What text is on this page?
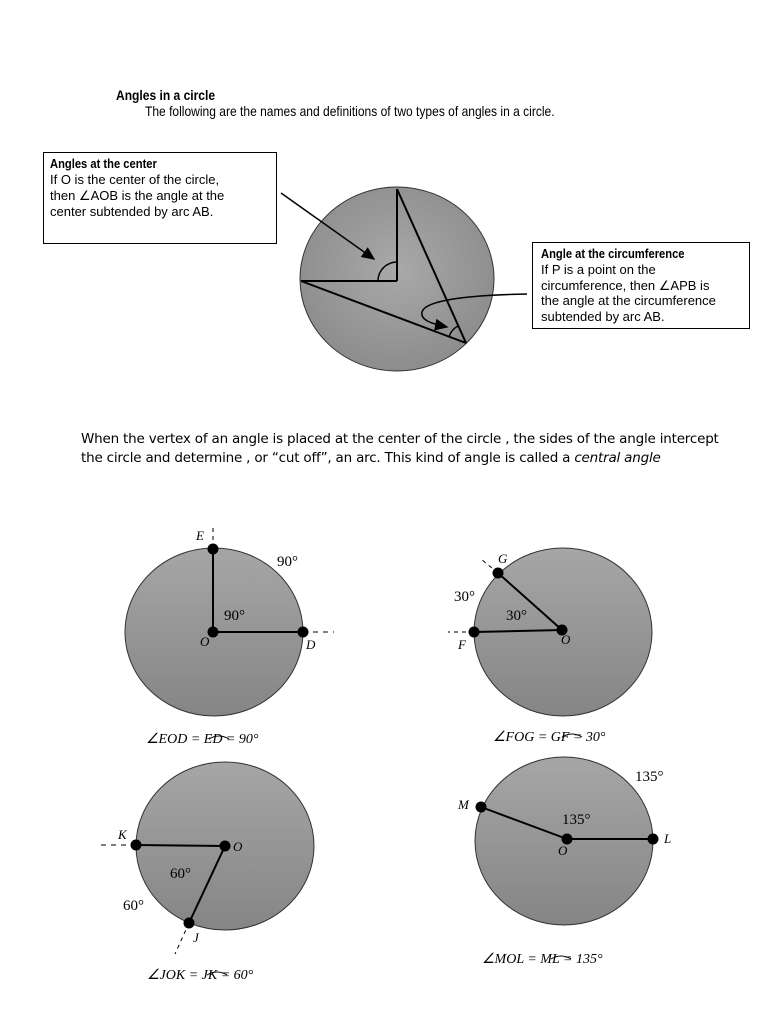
Angles in a circle
The following are the names and definitions of two types of angles in a circle.
Angles at the center
If O is the center of the circle,
then ∠AOB is the angle at the
center subtended by arc AB.
Angle at the circumference
If P is a point on the
circumference, then ∠APB is
the angle at the circumference
subtended by arc AB.
When the vertex of an angle is placed at the center of the circle , the sides of the angle intercept
the circle and determine , or “cut off”, an arc. This kind of angle is called a central angle
E
O	D
90°
90°
∠EOD = ED = 90°
G
O
F
30°
30°
∠FOG = GF = 30°
K
O
J
60°
60°
∠JOK = JK = 60°
M
O
L
135°
135°
∠MOL = ML = 135°
